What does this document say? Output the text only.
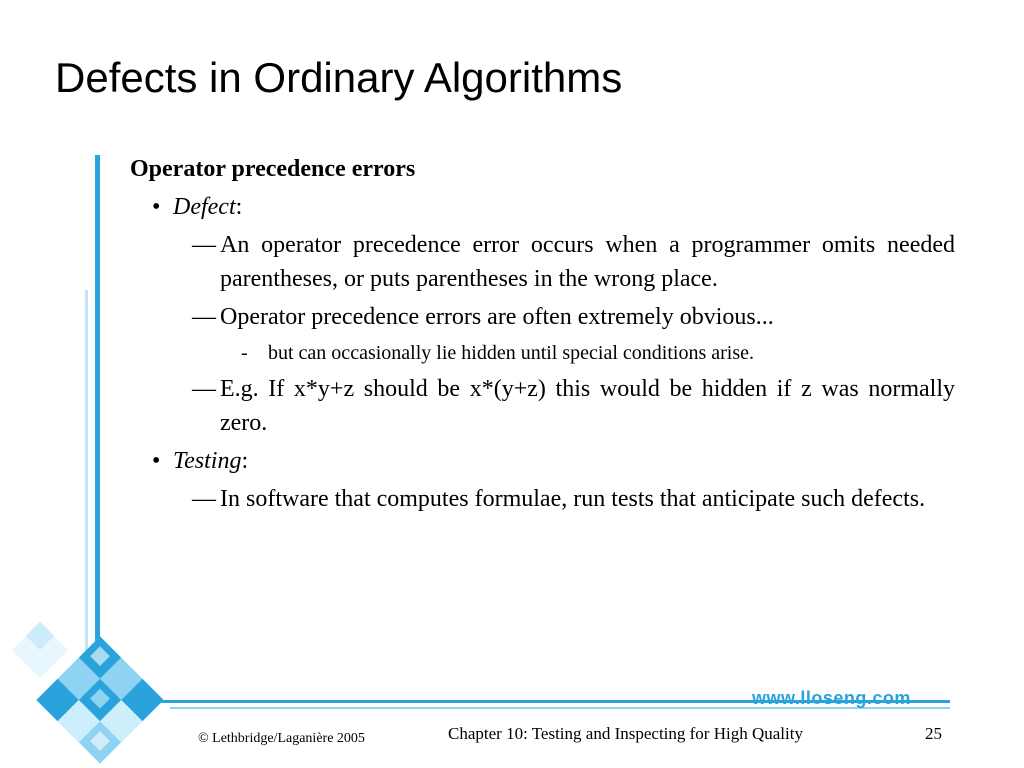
Defects in Ordinary Algorithms
Operator precedence errors
• Defect:
— An operator precedence error occurs when a programmer omits needed parentheses, or puts parentheses in the wrong place.
— Operator precedence errors are often extremely obvious...
- but can occasionally lie hidden until special conditions arise.
— E.g. If x*y+z should be x*(y+z) this would be hidden if z was normally zero.
• Testing:
— In software that computes formulae, run tests that anticipate such defects.
www.lloseng.com
© Lethbridge/Laganière 2005	Chapter 10: Testing and Inspecting for High Quality	25
